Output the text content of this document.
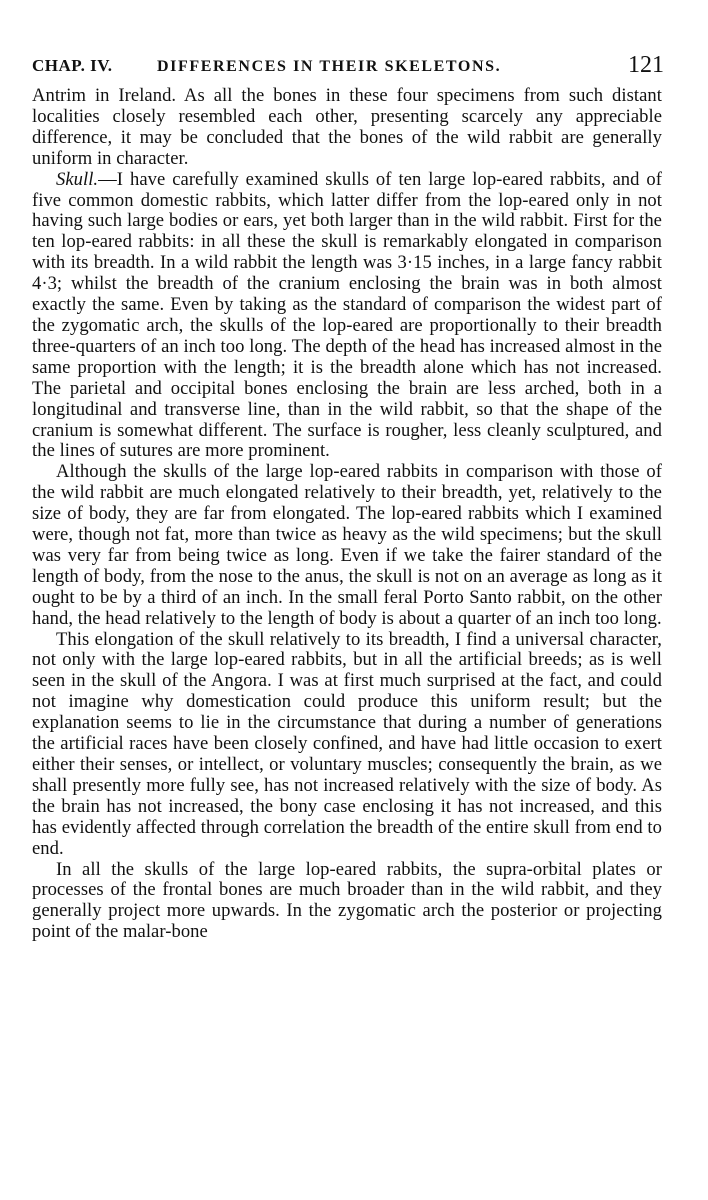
CHAP. IV.	DIFFERENCES IN THEIR SKELETONS.	121

Antrim in Ireland. As all the bones in these four specimens from such distant localities closely resembled each other, presenting scarcely any appreciable difference, it may be concluded that the bones of the wild rabbit are generally uniform in character.

Skull.—I have carefully examined skulls of ten large lop-eared rabbits, and of five common domestic rabbits, which latter differ from the lop-eared only in not having such large bodies or ears, yet both larger than in the wild rabbit. First for the ten lop-eared rabbits: in all these the skull is remarkably elongated in comparison with its breadth. In a wild rabbit the length was 3·15 inches, in a large fancy rabbit 4·3; whilst the breadth of the cranium enclosing the brain was in both almost exactly the same. Even by taking as the standard of comparison the widest part of the zygomatic arch, the skulls of the lop-eared are proportionally to their breadth three-quarters of an inch too long. The depth of the head has increased almost in the same proportion with the length; it is the breadth alone which has not increased. The parietal and occipital bones enclosing the brain are less arched, both in a longitudinal and transverse line, than in the wild rabbit, so that the shape of the cranium is somewhat different. The surface is rougher, less cleanly sculptured, and the lines of sutures are more prominent.

Although the skulls of the large lop-eared rabbits in comparison with those of the wild rabbit are much elongated relatively to their breadth, yet, relatively to the size of body, they are far from elongated. The lop-eared rabbits which I examined were, though not fat, more than twice as heavy as the wild specimens; but the skull was very far from being twice as long. Even if we take the fairer standard of the length of body, from the nose to the anus, the skull is not on an average as long as it ought to be by a third of an inch. In the small feral Porto Santo rabbit, on the other hand, the head relatively to the length of body is about a quarter of an inch too long.

This elongation of the skull relatively to its breadth, I find a universal character, not only with the large lop-eared rabbits, but in all the artificial breeds; as is well seen in the skull of the Angora. I was at first much surprised at the fact, and could not imagine why domestication could produce this uniform result; but the explanation seems to lie in the circumstance that during a number of generations the artificial races have been closely confined, and have had little occasion to exert either their senses, or intellect, or voluntary muscles; consequently the brain, as we shall presently more fully see, has not increased relatively with the size of body. As the brain has not increased, the bony case enclosing it has not increased, and this has evidently affected through correlation the breadth of the entire skull from end to end.

In all the skulls of the large lop-eared rabbits, the supra-orbital plates or processes of the frontal bones are much broader than in the wild rabbit, and they generally project more upwards. In the zygomatic arch the posterior or projecting point of the malar-bone
